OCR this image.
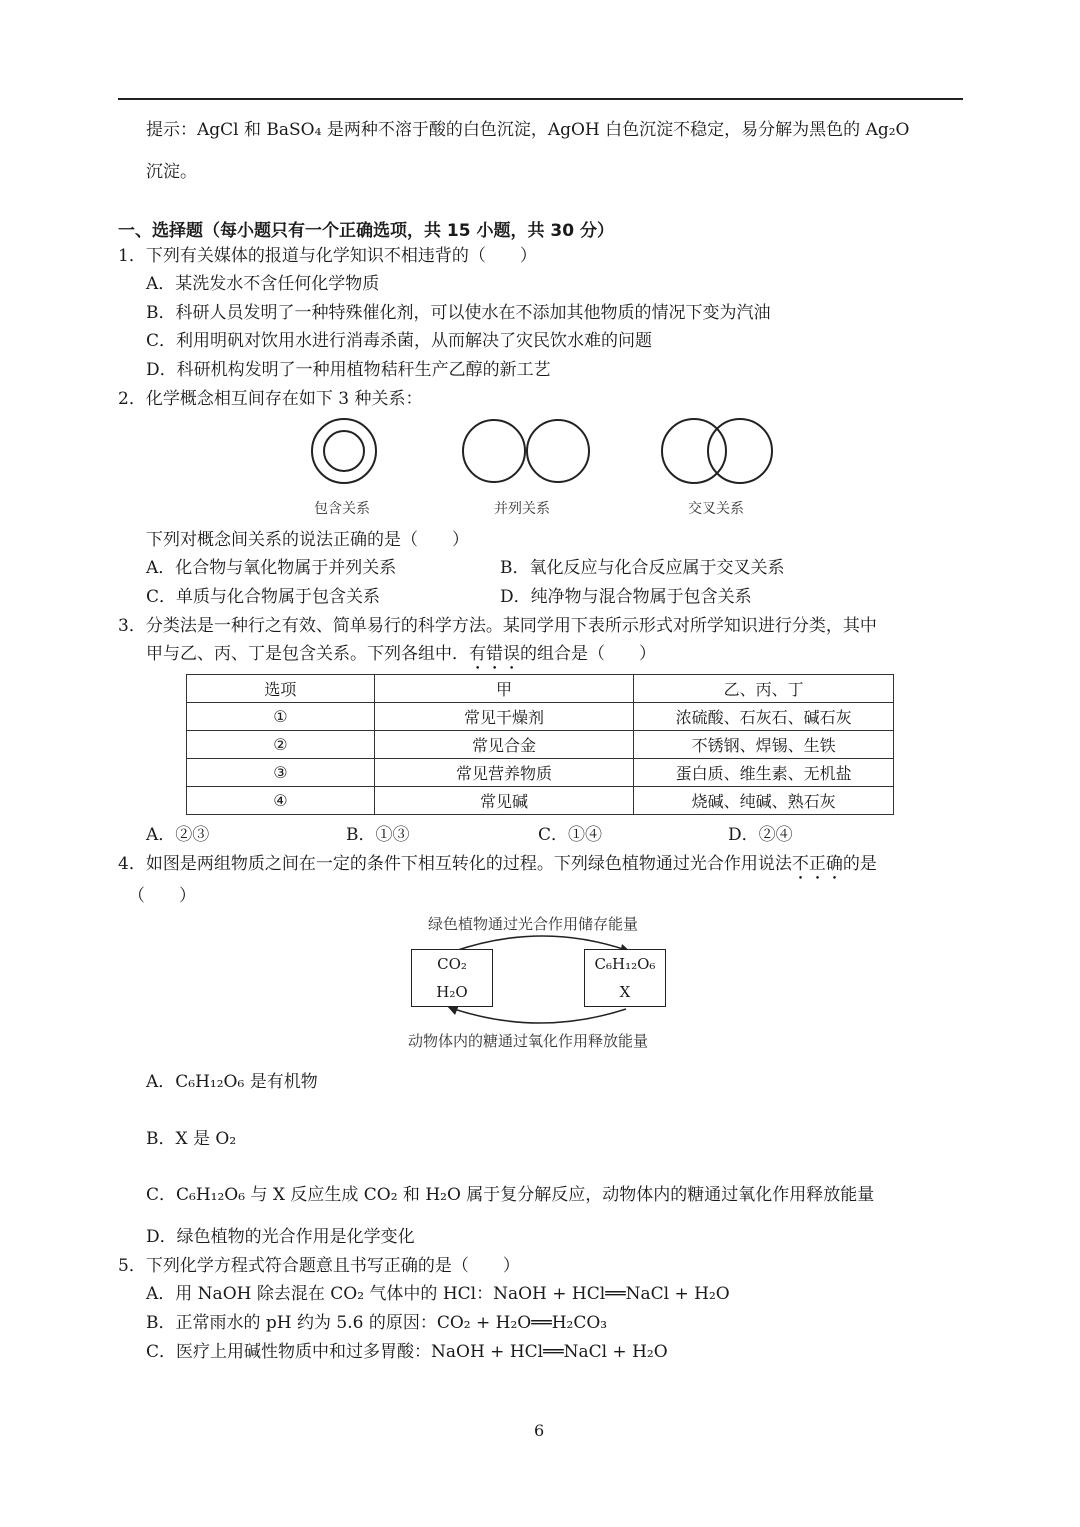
提示：AgCl 和 BaSO₄ 是两种不溶于酸的白色沉淀，AgOH 白色沉淀不稳定，易分解为黑色的 Ag₂O
沉淀。
一、选择题（每小题只有一个正确选项，共 15 小题，共 30 分）
1．下列有关媒体的报道与化学知识不相违背的（　　）
A．某洗发水不含任何化学物质
B．科研人员发明了一种特殊催化剂，可以使水在不添加其他物质的情况下变为汽油
C．利用明矾对饮用水进行消毒杀菌，从而解决了灾民饮水难的问题
D．科研机构发明了一种用植物秸秆生产乙醇的新工艺
2．化学概念相互间存在如下 3 种关系：
包含关系	并列关系	交叉关系
下列对概念间关系的说法正确的是（　　）
A．化合物与氧化物属于并列关系	B．氧化反应与化合反应属于交叉关系
C．单质与化合物属于包含关系	D．纯净物与混合物属于包含关系
3．分类法是一种行之有效、简单易行的科学方法。某同学用下表所示形式对所学知识进行分类，其中
甲与乙、丙、丁是包含关系。下列各组中．有错误的组合是（　　）
选项	甲	乙、丙、丁
①	常见干燥剂	浓硫酸、石灰石、碱石灰
②	常见合金	不锈钢、焊锡、生铁
③	常见营养物质	蛋白质、维生素、无机盐
④	常见碱	烧碱、纯碱、熟石灰
A．②③	B．①③	C．①④	D．②④
4．如图是两组物质之间在一定的条件下相互转化的过程。下列绿色植物通过光合作用说法不正确的是
（　　）
绿色植物通过光合作用储存能量
CO₂
H₂O
C₆H₁₂O₆
X
动物体内的糖通过氧化作用释放能量
A．C₆H₁₂O₆ 是有机物
B．X 是 O₂
C．C₆H₁₂O₆ 与 X 反应生成 CO₂ 和 H₂O 属于复分解反应，动物体内的糖通过氧化作用释放能量
D．绿色植物的光合作用是化学变化
5．下列化学方程式符合题意且书写正确的是（　　）
A．用 NaOH 除去混在 CO₂ 气体中的 HCl：NaOH + HCl══NaCl + H₂O
B．正常雨水的 pH 约为 5.6 的原因：CO₂ + H₂O══H₂CO₃
C．医疗上用碱性物质中和过多胃酸：NaOH + HCl══NaCl + H₂O
6
